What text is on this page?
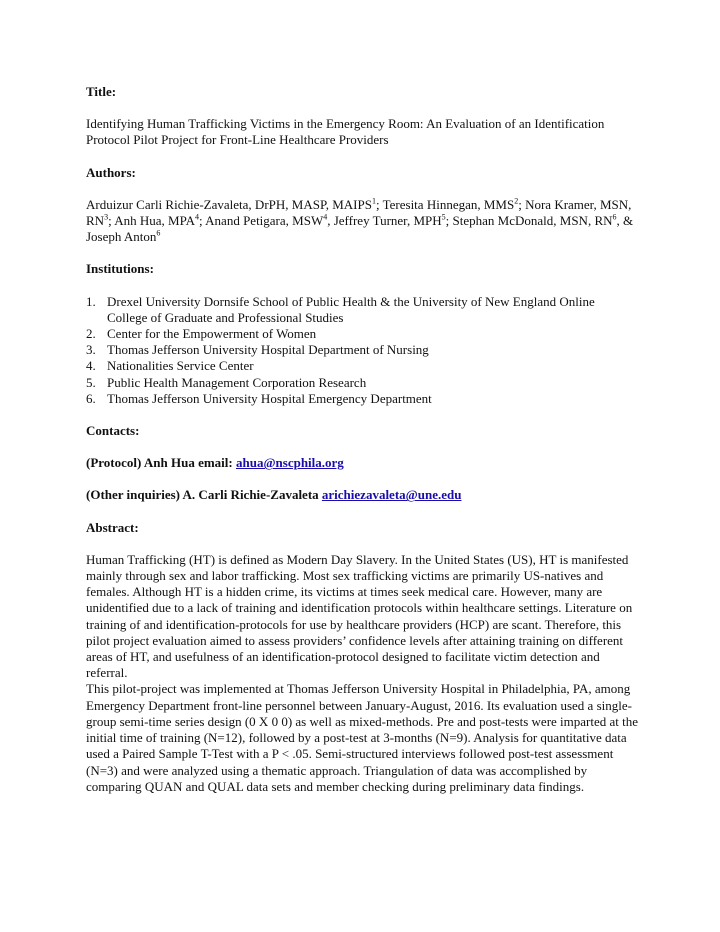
Title:

Identifying Human Trafficking Victims in the Emergency Room: An Evaluation of an Identification Protocol Pilot Project for Front-Line Healthcare Providers

Authors:

Arduizur Carli Richie-Zavaleta, DrPH, MASP, MAIPS$^1$; Teresita Hinnegan, MMS$^2$; Nora Kramer, MSN, $RN^3$; Anh Hua, MPA$^4$; Anand Petigara, MSW$^4$, Jeffrey Turner, MPH$^5$; Stephan McDonald, MSN, $RN^6$, & Joseph Anton$^6$

Institutions:

1. Drexel University Dornsife School of Public Health & the University of New England Online College of Graduate and Professional Studies
2. Center for the Empowerment of Women
3. Thomas Jefferson University Hospital Department of Nursing
4. Nationalities Service Center
5. Public Health Management Corporation Research
6. Thomas Jefferson University Hospital Emergency Department

Contacts:

(Protocol) Anh Hua email: ahua@nscphila.org

(Other inquiries) A. Carli Richie-Zavaleta arichiezavaleta@une.edu

Abstract:

Human Trafficking (HT) is defined as Modern Day Slavery. In the United States (US), HT is manifested mainly through sex and labor trafficking. Most sex trafficking victims are primarily US-natives and females. Although HT is a hidden crime, its victims at times seek medical care. However, many are unidentified due to a lack of training and identification protocols within healthcare settings. Literature on training of and identification-protocols for use by healthcare providers (HCP) are scant. Therefore, this pilot project evaluation aimed to assess providers’ confidence levels after attaining training on different areas of HT, and usefulness of an identification-protocol designed to facilitate victim detection and referral.

This pilot-project was implemented at Thomas Jefferson University Hospital in Philadelphia, PA, among Emergency Department front-line personnel between January-August, 2016. Its evaluation used a single-group semi-time series design (0 X 0 0) as well as mixed-methods. Pre and post-tests were imparted at the initial time of training (N=12), followed by a post-test at 3-months (N=9). Analysis for quantitative data used a Paired Sample T-Test with a P < .05. Semi-structured interviews followed post-test assessment (N=3) and were analyzed using a thematic approach. Triangulation of data was accomplished by comparing QUAN and QUAL data sets and member checking during preliminary data findings.
